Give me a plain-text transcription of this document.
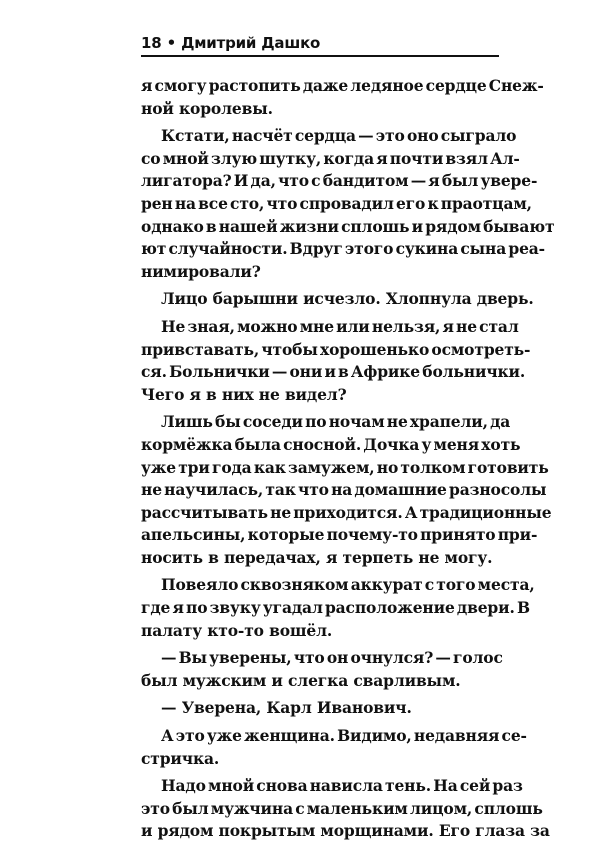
18 • Дмитрий Дашко
я смогу растопить даже ледяное сердце Снеж-
ной королевы.
Кстати, насчёт сердца — это оно сыграло
со мной злую шутку, когда я почти взял Ал-
лигатора? И да, что с бандитом — я был увере-
рен на все сто, что спровадил его к праотцам,
однако в нашей жизни сплошь и рядом бывают
ют случайности. Вдруг этого сукина сына реа-
нимировали?
Лицо барышни исчезло. Хлопнула дверь.
Не зная, можно мне или нельзя, я не стал
привставать, чтобы хорошенько осмотреть-
ся. Больнички — они и в Африке больнички.
Чего я в них не видел?
Лишь бы соседи по ночам не храпели, да
кормёжка была сносной. Дочка у меня хоть
уже три года как замужем, но толком готовить
не научилась, так что на домашние разносолы
рассчитывать не приходится. А традиционные
апельсины, которые почему-то принято при-
носить в передачах, я терпеть не могу.
Повеяло сквозняком аккурат с того места,
где я по звуку угадал расположение двери. В
палату кто-то вошёл.
— Вы уверены, что он очнулся? — голос
был мужским и слегка сварливым.
— Уверена, Карл Иванович.
А это уже женщина. Видимо, недавняя се-
стричка.
Надо мной снова нависла тень. На сей раз
это был мужчина с маленьким лицом, сплошь
и рядом покрытым морщинами. Его глаза за
